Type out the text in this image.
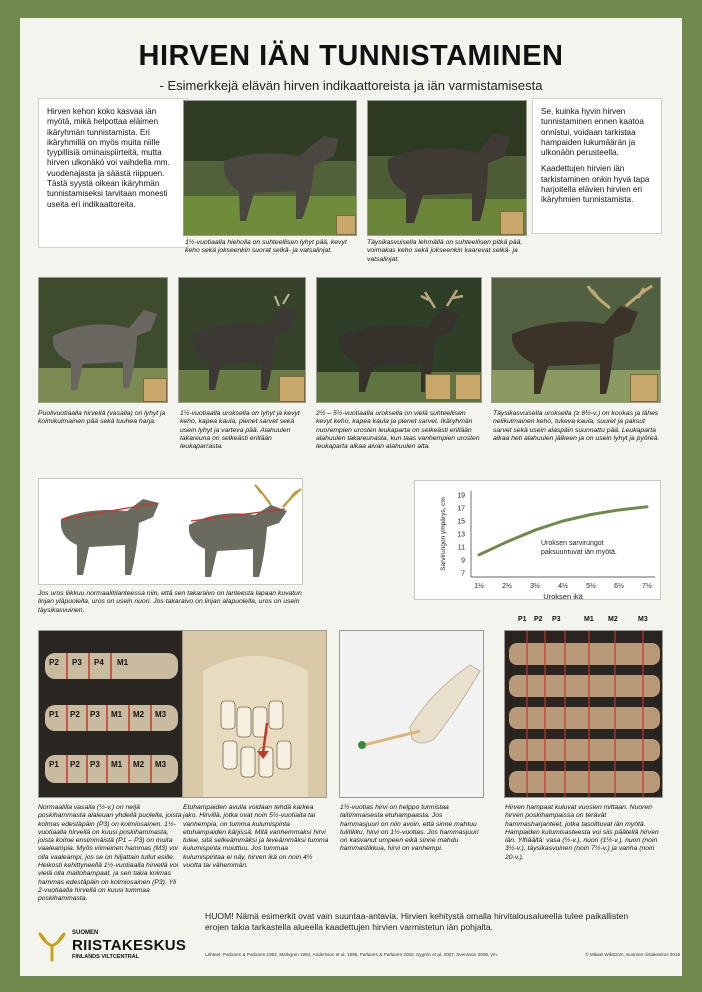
HIRVEN IÄN TUNNISTAMINEN
- Esimerkkejä elävän hirven indikaattoreista ja iän varmistamisesta
Hirven kehon koko kasvaa iän myötä, mikä helpottaa eläimen ikäryhmän tunnistamista. Eri ikäryhmillä on myös muita niille tyypillisiä ominaispiirteitä, mutta hirven ulkonäkö voi vaihdella mm. vuodenajasta ja säästä riippuen. Tästä syystä oikean ikäryhmän tunnistamiseksi tarvitaan monesti useita eri indikaattoreita.
1½-vuotiaalla hieholla on suhteellisen lyhyt pää, kevyt keho sekä jokseenkin suorat selkä- ja vatsalinjat.
Täysikasvuisella lehmällä on suhteellisen pitkä pää, voimakas keho sekä jokseenkin kaarevat selkä- ja vatsalinjat.
Se, kuinka hyvin hirven tunnistaminen ennen kaatoa onnistui, voidaan tarkistaa hampaiden lukumäärän ja ulkonäön perusteella.
Kaadettujen hirvien iän tarkistaminen onkin hyvä tapa harjoitella elävien hirvien eri ikäryhmien tunnistamista.
Puolivuotiaalla hirvellä (vasalla) on lyhyt ja kolmikulmainen pää sekä tuuhea harja.
1½-vuotiaalla uroksella on lyhyt ja kevyt keho, kapea kaula, pienet sarvet sekä usein lyhyt ja varteva pää. Alahuulen takareuna on selkeästi erillään leukaparrasta.
2½ – 5½-vuotiaalla uroksella on vielä suhteellisen kevyt keho, kapea kaula ja pienet sarvet. Ikäryhmän nuorempien urosten leukaparta on selkeästi erillään alahuulen takareunasta, kun taas vanhempien urosten leukaparta alkaa aivan alahuulen alta.
Täysikasvuisella uroksella (≥ 6½-v.) on kookas ja lähes nelikulmainen keho, tukeva kaula, suuret ja paksut sarvet sekä usein alaspäin suunnattu pää. Leukaparta alkaa heti alahuulen jälkeen ja on usein lyhyt ja pyöreä.
Jos uros liikkuu normaalitilanteessa niin, että sen takaraivo on lanteesta lapaan kuvatun linjan yläpuolella, uros on usein nuori. Jos takaraivo on linjan alapuolella, uros on usein täysikasvuinen.
7
9
11
13
15
17
19
1½	2½	3½	4½	5½	6½	7½
Sarvirungon ympärys, cm
Uroksen ikä
Uroksen sarvirungot
paksuuntuvat iän myötä.
P2 P3 P4 M1
P1 P2 P3 M1 M2 M3
P1 P2 P3 M1 M2 M3
Normaalilla vasalla (½-v.) on neljä poskihammasta alaleuan yhdellä puolella, joista kolmas edestäpäin (P3) on kolmiosainen. 1½-vuotiaalla hirvellä on kuusi poskihammasta, joista kolme ensimmäistä (P1 – P3) on muita vaaleampia. Myös viimeinen hammas (M3) voi olla vaaleampi, jos se on hiljattain tullut esille. Heikosti kehittyneellä 1½-vuotiaalla hirvellä voi vielä olla maitohampaat, ja sen takia kolmas hammas edestäpäin on kolmiosainen (P3). Yli 2-vuotiaalla hirvellä on kuusi tummaa poskihammasta.
Etuhampaiden avulla voidaan tehdä karkea jako. Hirvillä, jotka ovat noin 5½-vuotiaita tai vanhempia, on tumma kulumispinta etuhampaiden kärjissä. Mitä vanhemmaksi hirvi tulee, sitä selkeämmäksi ja leveämmäksi tumma kulumispinta muuttuu. Jos tummaa kulumispintaa ei näy, hirven ikä on noin 4½ vuotta tai vähemmän.
1½-vuotias hirvi on helppo tunnistaa laitimmaisesta etuhampaasta. Jos hammasjuuri on niin avoin, että sinne mahtuu tulitikku, hirvi on 1½-vuotias. Jos hammasjuuri on kasvanut umpeen eikä sinne mahdu hammastikkua, hirvi on vanhempi.
P1 P2 P3	M1 M2	M3
Hirven hampaat kuluvat vuosien mittaan. Nuoren hirven poskihampaissa on terävät hammasharjanteet, jotka tasoittuvat iän myötä. Hampaiden kulumisasteesta voi siis päätellä hirven iän. Ylhäältä: vasa (½-v.), nuori (1½-v.), nuori (noin 3½-v.), täysikasvuinen (noin 7½-v.) ja vanha (noin 20-v.).
HUOM! Nämä esimerkit ovat vain suuntaa-antavia. Hirvien kehitystä omalla hirvitalousalueella tulee paikallisten erojen takia tarkastella alueella kaadettujen hirvien varmistetun iän pohjalta.
SUOMEN
RIISTAKESKUS
FINLANDS VILTCENTRAL	Lähteet: Parlanen & Parlanen 1982, Markgren 1994, Andersson et al. 1996, Parlanen & Parlanen 2002, Nygrén et al. 2007, Svensson 2008, ym.	© Mikael Wikström, Suomen riistakeskus 2016
